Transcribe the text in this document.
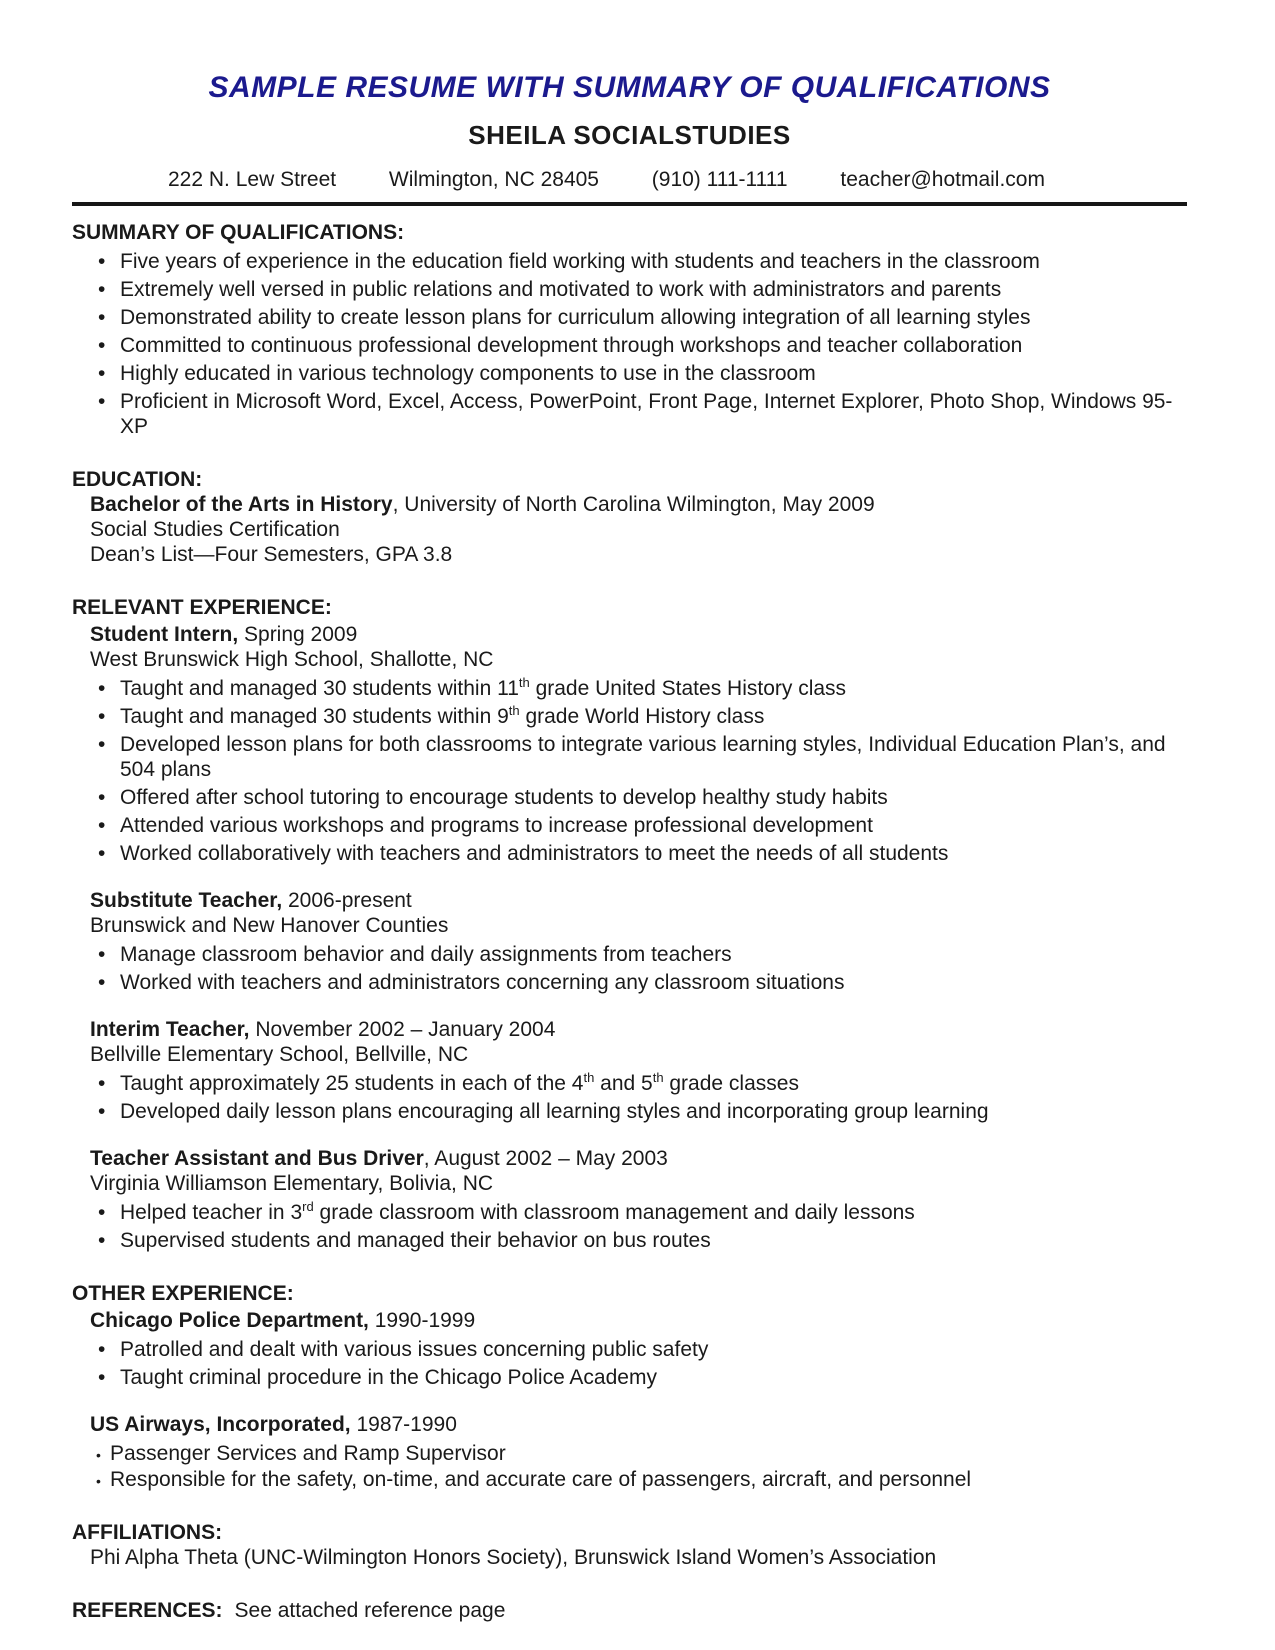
SAMPLE RESUME WITH SUMMARY OF QUALIFICATIONS
SHEILA SOCIALSTUDIES
222 N. Lew Street	Wilmington, NC 28405	(910) 111-1111	teacher@hotmail.com
SUMMARY OF QUALIFICATIONS:
• Five years of experience in the education field working with students and teachers in the classroom
• Extremely well versed in public relations and motivated to work with administrators and parents
• Demonstrated ability to create lesson plans for curriculum allowing integration of all learning styles
• Committed to continuous professional development through workshops and teacher collaboration
• Highly educated in various technology components to use in the classroom
• Proficient in Microsoft Word, Excel, Access, PowerPoint, Front Page, Internet Explorer, Photo Shop, Windows 95-XP
EDUCATION:

Bachelor of the Arts in History, University of North Carolina Wilmington, May 2009

Social Studies Certification

Dean’s List—Four Semesters, GPA 3.8

RELEVANT EXPERIENCE:

Student Intern, Spring 2009

West Brunswick High School, Shallotte, NC

• Taught and managed 30 students within 11th grade United States History class
• Taught and managed 30 students within 9th grade World History class
• Developed lesson plans for both classrooms to integrate various learning styles, Individual Education Plan’s, and 504 plans
• Offered after school tutoring to encourage students to develop healthy study habits
• Attended various workshops and programs to increase professional development
• Worked collaboratively with teachers and administrators to meet the needs of all students

Substitute Teacher, 2006-present

Brunswick and New Hanover Counties

• Manage classroom behavior and daily assignments from teachers
• Worked with teachers and administrators concerning any classroom situations

Interim Teacher, November 2002 – January 2004

Bellville Elementary School, Bellville, NC

• Taught approximately 25 students in each of the 4th and 5th grade classes
• Developed daily lesson plans encouraging all learning styles and incorporating group learning

Teacher Assistant and Bus Driver, August 2002 – May 2003

Virginia Williamson Elementary, Bolivia, NC

• Helped teacher in 3rd grade classroom with classroom management and daily lessons
• Supervised students and managed their behavior on bus routes
OTHER EXPERIENCE:

Chicago Police Department, 1990-1999

• Patrolled and dealt with various issues concerning public safety
• Taught criminal procedure in the Chicago Police Academy

US Airways, Incorporated, 1987-1990

• Passenger Services and Ramp Supervisor
• Responsible for the safety, on-time, and accurate care of passengers, aircraft, and personnel
AFFILIATIONS:

Phi Alpha Theta (UNC-Wilmington Honors Society), Brunswick Island Women’s Association

REFERENCES: See attached reference page
